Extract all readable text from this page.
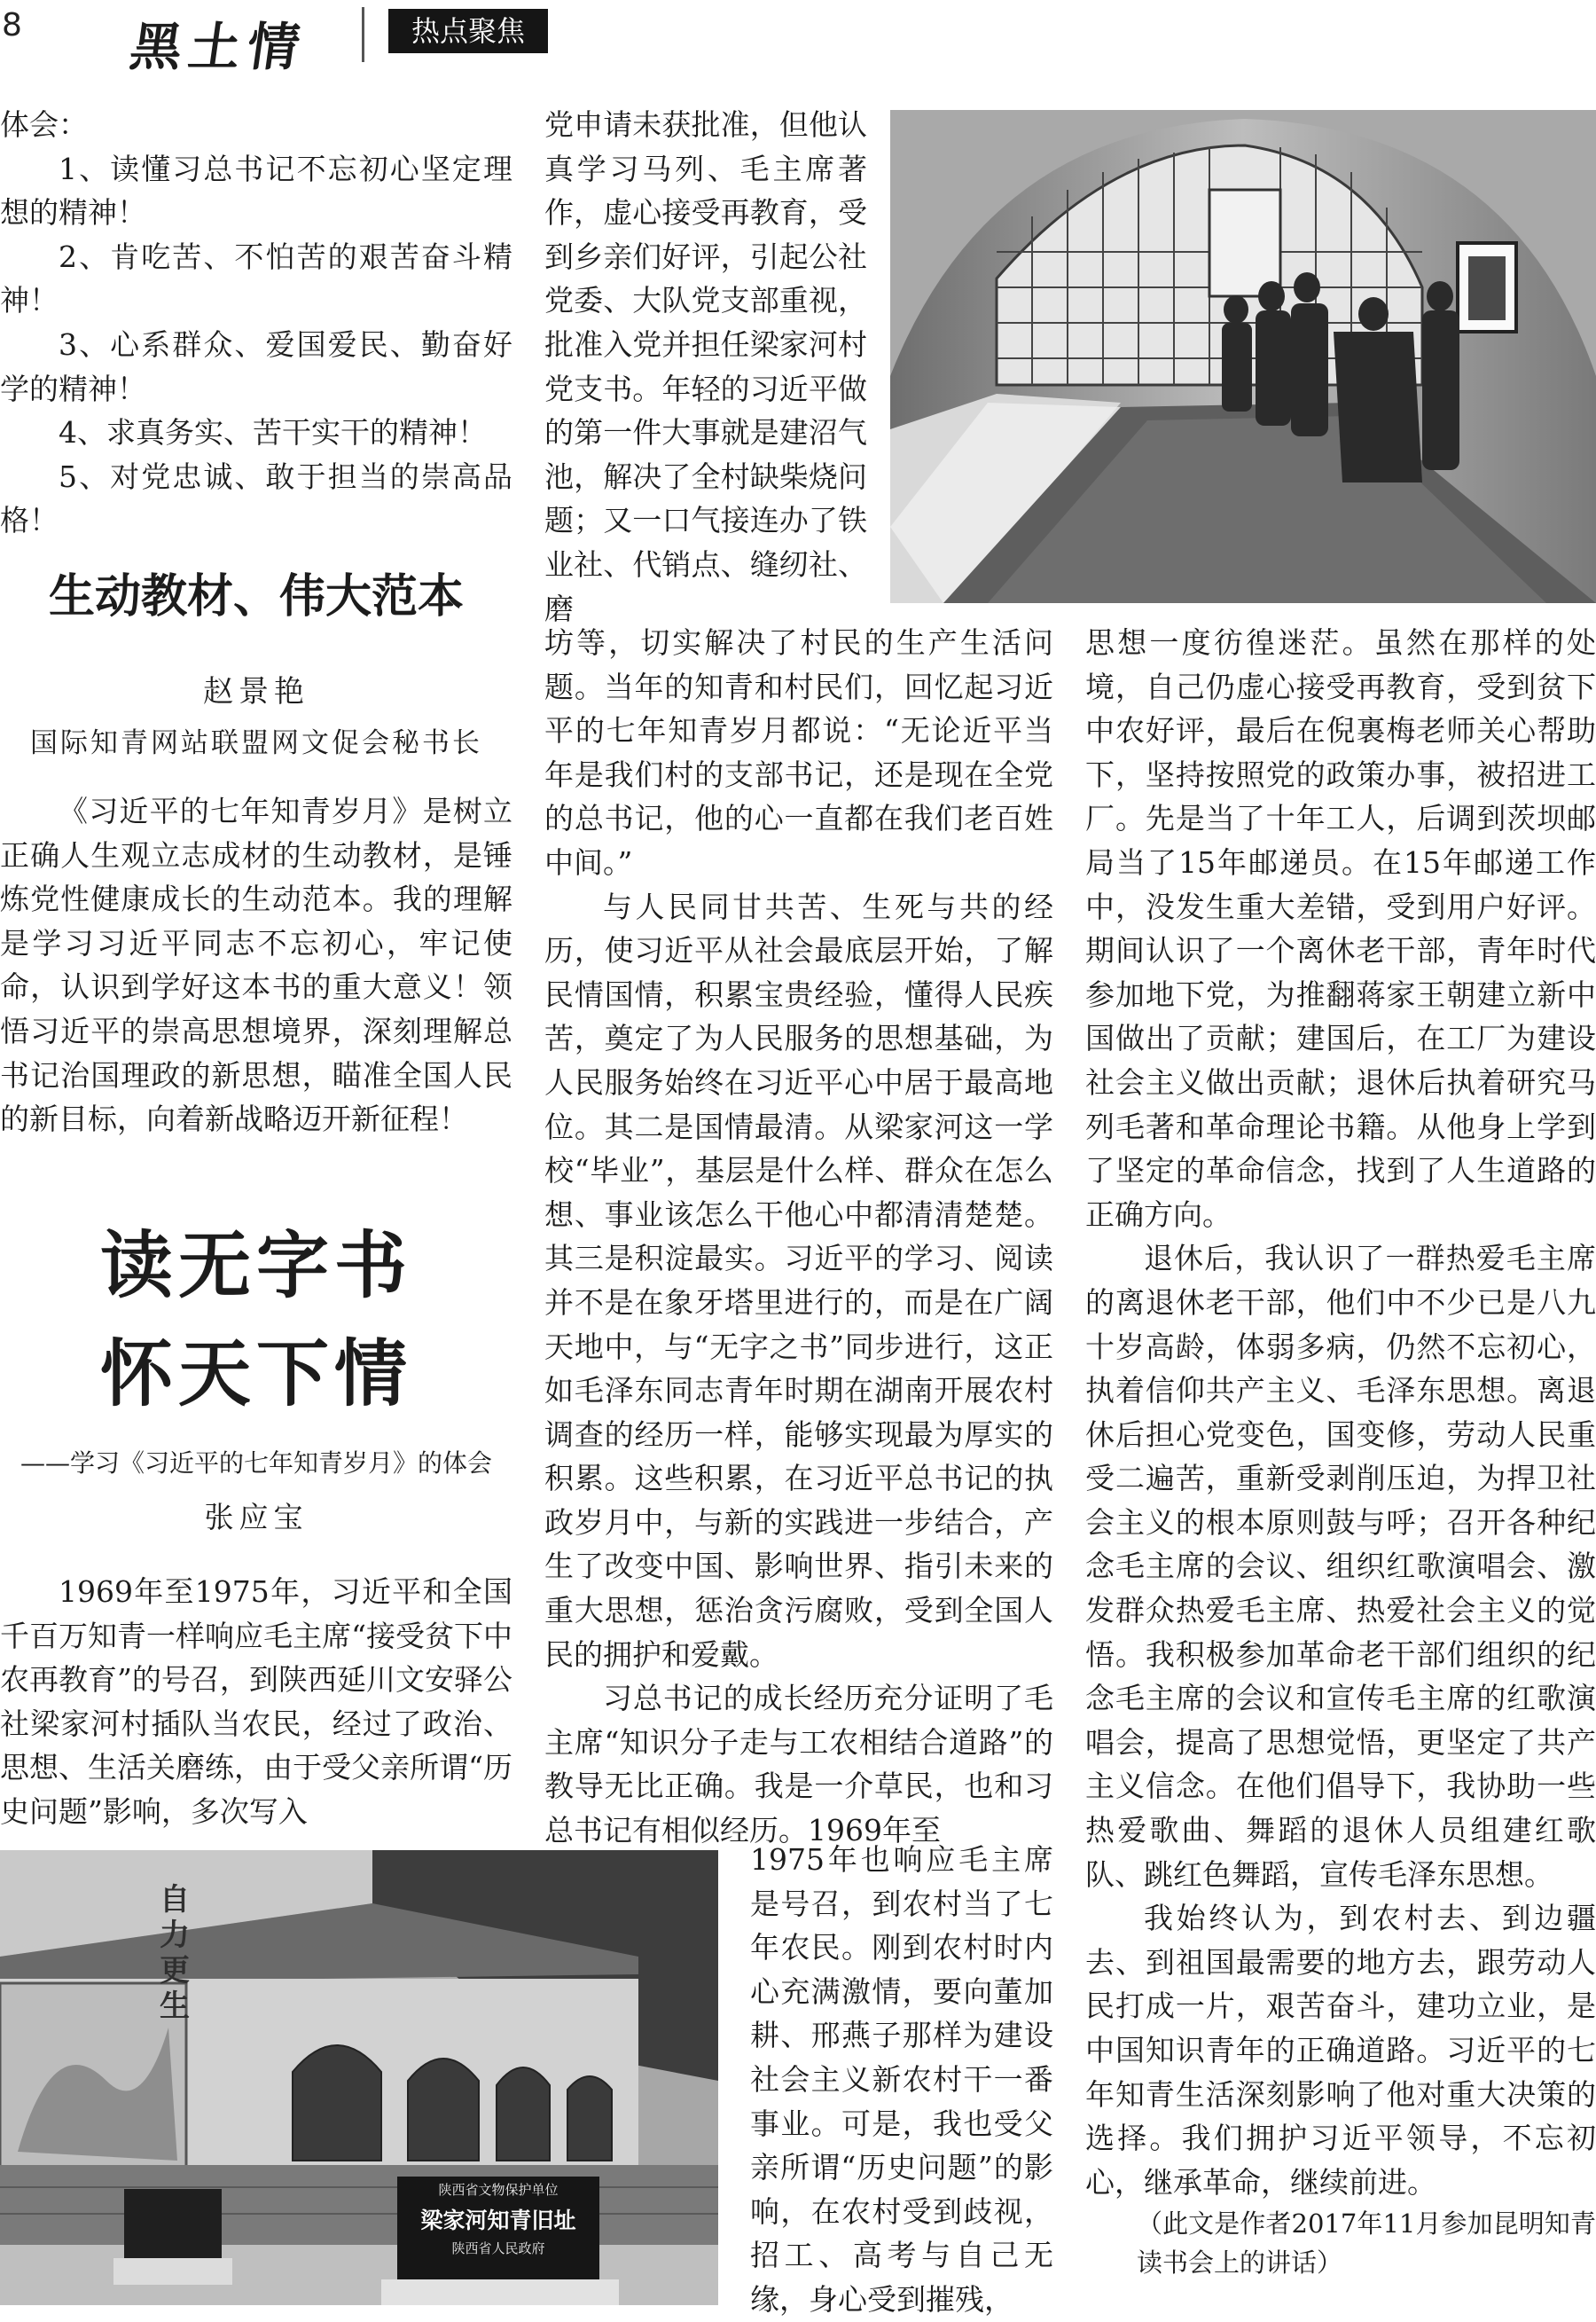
8 黑土情	热点聚焦

体会：

1、读懂习总书记不忘初心坚定理想的精神！

2、肯吃苦、不怕苦的艰苦奋斗精神！

3、心系群众、爱国爱民、勤奋好学的精神！

4、求真务实、苦干实干的精神！

5、对党忠诚、敢于担当的崇高品格！

生动教材、伟大范本
赵景艳
国际知青网站联盟网文促会秘书长

《习近平的七年知青岁月》是树立正确人生观立志成材的生动教材，是锤炼党性健康成长的生动范本。我的理解是学习习近平同志不忘初心，牢记使命，认识到学好这本书的重大意义！领悟习近平的崇高思想境界，深刻理解总书记治国理政的新思想，瞄准全国人民的新目标，向着新战略迈开新征程！

读无字书
怀天下情
——学习《习近平的七年知青岁月》的体会
张应宝

1969年至1975年，习近平和全国千百万知青一样响应毛主席“接受贫下中农再教育”的号召，到陕西延川文安驿公社梁家河村插队当农民，经过了政治、思想、生活关磨练，由于受父亲所谓“历史问题”影响，多次写入

党申请未获批准，但他认真学习马列、毛主席著作，虚心接受再教育，受到乡亲们好评，引起公社党委、大队党支部重视，批准入党并担任梁家河村党支书。年轻的习近平做的第一件大事就是建沼气池，解决了全村缺柴烧问题；又一口气接连办了铁业社、代销点、缝纫社、磨

坊等，切实解决了村民的生产生活问题。当年的知青和村民们，回忆起习近平的七年知青岁月都说：“无论近平当年是我们村的支部书记，还是现在全党的总书记，他的心一直都在我们老百姓中间。”

与人民同甘共苦、生死与共的经历，使习近平从社会最底层开始，了解民情国情，积累宝贵经验，懂得人民疾苦，奠定了为人民服务的思想基础，为人民服务始终在习近平心中居于最高地位。其二是国情最清。从梁家河这一学校“毕业”，基层是什么样、群众在怎么想、事业该怎么干他心中都清清楚楚。其三是积淀最实。习近平的学习、阅读并不是在象牙塔里进行的，而是在广阔天地中，与“无字之书”同步进行，这正如毛泽东同志青年时期在湖南开展农村调查的经历一样，能够实现最为厚实的积累。这些积累，在习近平总书记的执政岁月中，与新的实践进一步结合，产生了改变中国、影响世界、指引未来的重大思想，惩治贪污腐败，受到全国人民的拥护和爱戴。

习总书记的成长经历充分证明了毛主席“知识分子走与工农相结合道路”的教导无比正确。我是一介草民，也和习总书记有相似经历。1969年至

1975年也响应毛主席是号召，到农村当了七年农民。刚到农村时内心充满激情，要向董加耕、邢燕子那样为建设社会主义新农村干一番事业。可是，我也受父亲所谓“历史问题”的影响，在农村受到歧视，招工、高考与自己无缘，身心受到摧残，

思想一度彷徨迷茫。虽然在那样的处境，自己仍虚心接受再教育，受到贫下中农好评，最后在倪裏梅老师关心帮助下，坚持按照党的政策办事，被招进工厂。先是当了十年工人，后调到茨坝邮局当了15年邮递员。在15年邮递工作中，没发生重大差错，受到用户好评。期间认识了一个离休老干部，青年时代参加地下党，为推翻蒋家王朝建立新中国做出了贡献；建国后，在工厂为建设社会主义做出贡献；退休后执着研究马列毛著和革命理论书籍。从他身上学到了坚定的革命信念，找到了人生道路的正确方向。

退休后，我认识了一群热爱毛主席的离退休老干部，他们中不少已是八九十岁高龄，体弱多病，仍然不忘初心，执着信仰共产主义、毛泽东思想。离退休后担心党变色，国变修，劳动人民重受二遍苦，重新受剥削压迫，为捍卫社会主义的根本原则鼓与呼；召开各种纪念毛主席的会议、组织红歌演唱会、激发群众热爱毛主席、热爱社会主义的觉悟。我积极参加革命老干部们组织的纪念毛主席的会议和宣传毛主席的红歌演唱会，提高了思想觉悟，更坚定了共产主义信念。在他们倡导下，我协助一些热爱歌曲、舞蹈的退休人员组建红歌队、跳红色舞蹈，宣传毛泽东思想。

我始终认为，到农村去、到边疆去、到祖国最需要的地方去，跟劳动人民打成一片，艰苦奋斗，建功立业，是中国知识青年的正确道路。习近平的七年知青生活深刻影响了他对重大决策的选择。我们拥护习近平领导，不忘初心，继承革命，继续前进。

（此文是作者2017年11月参加昆明知青读书会上的讲话）

自力更生
陕西省文物保护单位
梁家河知青旧址
陕西省人民政府
